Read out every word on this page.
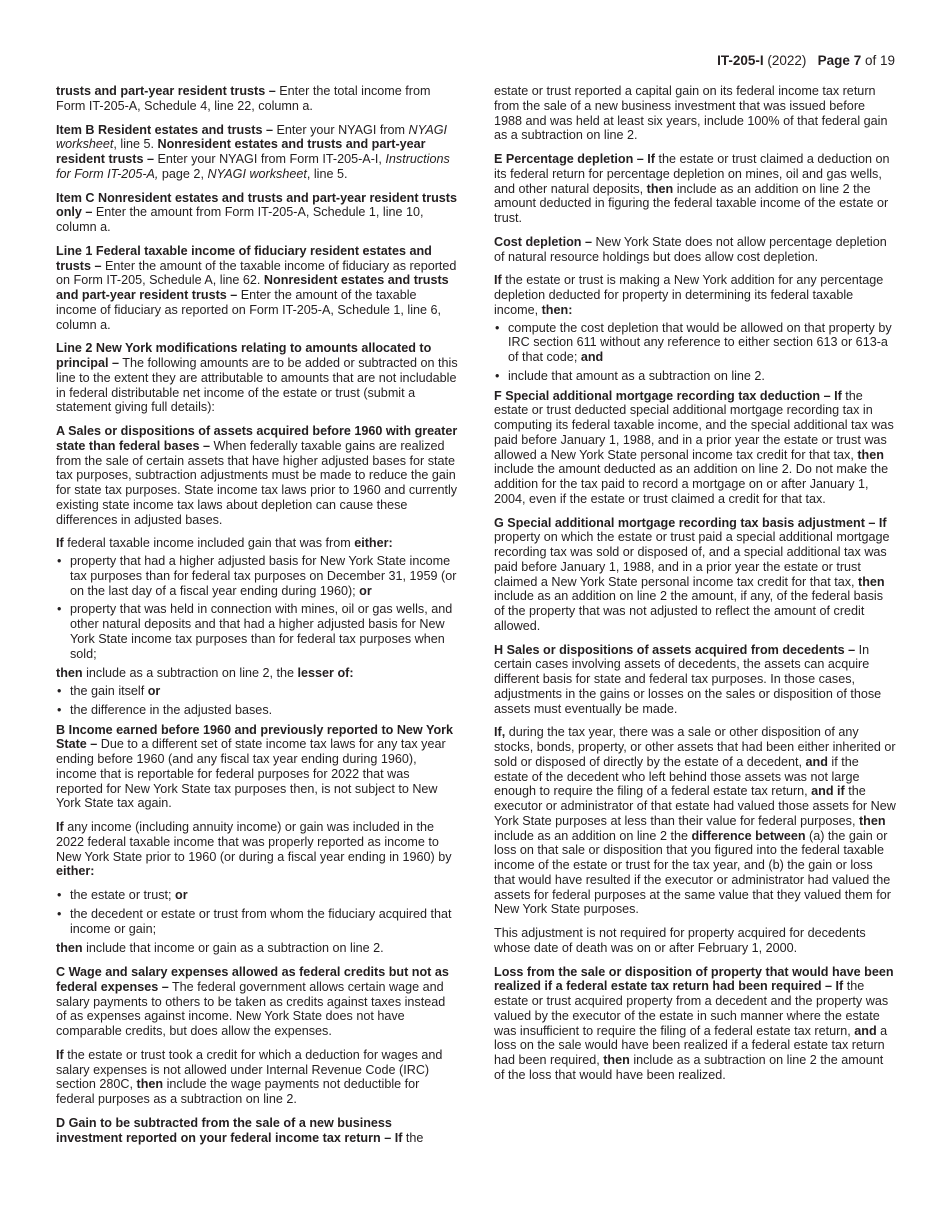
IT-205-I (2022) Page 7 of 19

trusts and part-year resident trusts – Enter the total income from Form IT-205-A, Schedule 4, line 22, column a.

Item B Resident estates and trusts – Enter your NYAGI from NYAGI worksheet, line 5. Nonresident estates and trusts and part-year resident trusts – Enter your NYAGI from Form IT-205-A-I, Instructions for Form IT-205-A, page 2, NYAGI worksheet, line 5.

Item C Nonresident estates and trusts and part-year resident trusts only – Enter the amount from Form IT-205-A, Schedule 1, line 10, column a.

Line 1 Federal taxable income of fiduciary resident estates and trusts – Enter the amount of the taxable income of fiduciary as reported on Form IT-205, Schedule A, line 62. Nonresident estates and trusts and part-year resident trusts – Enter the amount of the taxable income of fiduciary as reported on Form IT-205-A, Schedule 1, line 6, column a.

Line 2 New York modifications relating to amounts allocated to principal – The following amounts are to be added or subtracted on this line to the extent they are attributable to amounts that are not includable in federal distributable net income of the estate or trust (submit a statement giving full details):

A Sales or dispositions of assets acquired before 1960 with greater state than federal bases – When federally taxable gains are realized from the sale of certain assets that have higher adjusted bases for state tax purposes, subtraction adjustments must be made to reduce the gain for state tax purposes. State income tax laws prior to 1960 and currently existing state income tax laws about depletion can cause these differences in adjusted bases.

If federal taxable income included gain that was from either:

• property that had a higher adjusted basis for New York State income tax purposes than for federal tax purposes on December 31, 1959 (or on the last day of a fiscal year ending during 1960); or
• property that was held in connection with mines, oil or gas wells, and other natural deposits and that had a higher adjusted basis for New York State income tax purposes than for federal tax purposes when sold;

then include as a subtraction on line 2, the lesser of:

• the gain itself or
• the difference in the adjusted bases.

B Income earned before 1960 and previously reported to New York State – Due to a different set of state income tax laws for any tax year ending before 1960 (and any fiscal tax year ending during 1960), income that is reportable for federal purposes for 2022 that was reported for New York State tax purposes then, is not subject to New York State tax again.

If any income (including annuity income) or gain was included in the 2022 federal taxable income that was properly reported as income to New York State prior to 1960 (or during a fiscal year ending in 1960) by either:

• the estate or trust; or
• the decedent or estate or trust from whom the fiduciary acquired that income or gain;

then include that income or gain as a subtraction on line 2.

C Wage and salary expenses allowed as federal credits but not as federal expenses – The federal government allows certain wage and salary payments to others to be taken as credits against taxes instead of as expenses against income. New York State does not have comparable credits, but does allow the expenses.

If the estate or trust took a credit for which a deduction for wages and salary expenses is not allowed under Internal Revenue Code (IRC) section 280C, then include the wage payments not deductible for federal purposes as a subtraction on line 2.

D Gain to be subtracted from the sale of a new business investment reported on your federal income tax return – If the

estate or trust reported a capital gain on its federal income tax return from the sale of a new business investment that was issued before 1988 and was held at least six years, include 100% of that federal gain as a subtraction on line 2.

E Percentage depletion – If the estate or trust claimed a deduction on its federal return for percentage depletion on mines, oil and gas wells, and other natural deposits, then include as an addition on line 2 the amount deducted in figuring the federal taxable income of the estate or trust.

Cost depletion – New York State does not allow percentage depletion of natural resource holdings but does allow cost depletion.

If the estate or trust is making a New York addition for any percentage depletion deducted for property in determining its federal taxable income, then:

• compute the cost depletion that would be allowed on that property by IRC section 611 without any reference to either section 613 or 613-a of that code; and
• include that amount as a subtraction on line 2.

F Special additional mortgage recording tax deduction – If the estate or trust deducted special additional mortgage recording tax in computing its federal taxable income, and the special additional tax was paid before January 1, 1988, and in a prior year the estate or trust was allowed a New York State personal income tax credit for that tax, then include the amount deducted as an addition on line 2. Do not make the addition for the tax paid to record a mortgage on or after January 1, 2004, even if the estate or trust claimed a credit for that tax.

G Special additional mortgage recording tax basis adjustment – If property on which the estate or trust paid a special additional mortgage recording tax was sold or disposed of, and a special additional tax was paid before January 1, 1988, and in a prior year the estate or trust claimed a New York State personal income tax credit for that tax, then include as an addition on line 2 the amount, if any, of the federal basis of the property that was not adjusted to reflect the amount of credit allowed.

H Sales or dispositions of assets acquired from decedents – In certain cases involving assets of decedents, the assets can acquire different basis for state and federal tax purposes. In those cases, adjustments in the gains or losses on the sales or disposition of those assets must eventually be made.

If, during the tax year, there was a sale or other disposition of any stocks, bonds, property, or other assets that had been either inherited or sold or disposed of directly by the estate of a decedent, and if the estate of the decedent who left behind those assets was not large enough to require the filing of a federal estate tax return, and if the executor or administrator of that estate had valued those assets for New York State purposes at less than their value for federal purposes, then include as an addition on line 2 the difference between (a) the gain or loss on that sale or disposition that you figured into the federal taxable income of the estate or trust for the tax year, and (b) the gain or loss that would have resulted if the executor or administrator had valued the assets for federal purposes at the same value that they valued them for New York State purposes.

This adjustment is not required for property acquired for decedents whose date of death was on or after February 1, 2000.

Loss from the sale or disposition of property that would have been realized if a federal estate tax return had been required – If the estate or trust acquired property from a decedent and the property was valued by the executor of the estate in such manner where the estate was insufficient to require the filing of a federal estate tax return, and a loss on the sale would have been realized if a federal estate tax return had been required, then include as a subtraction on line 2 the amount of the loss that would have been realized.
